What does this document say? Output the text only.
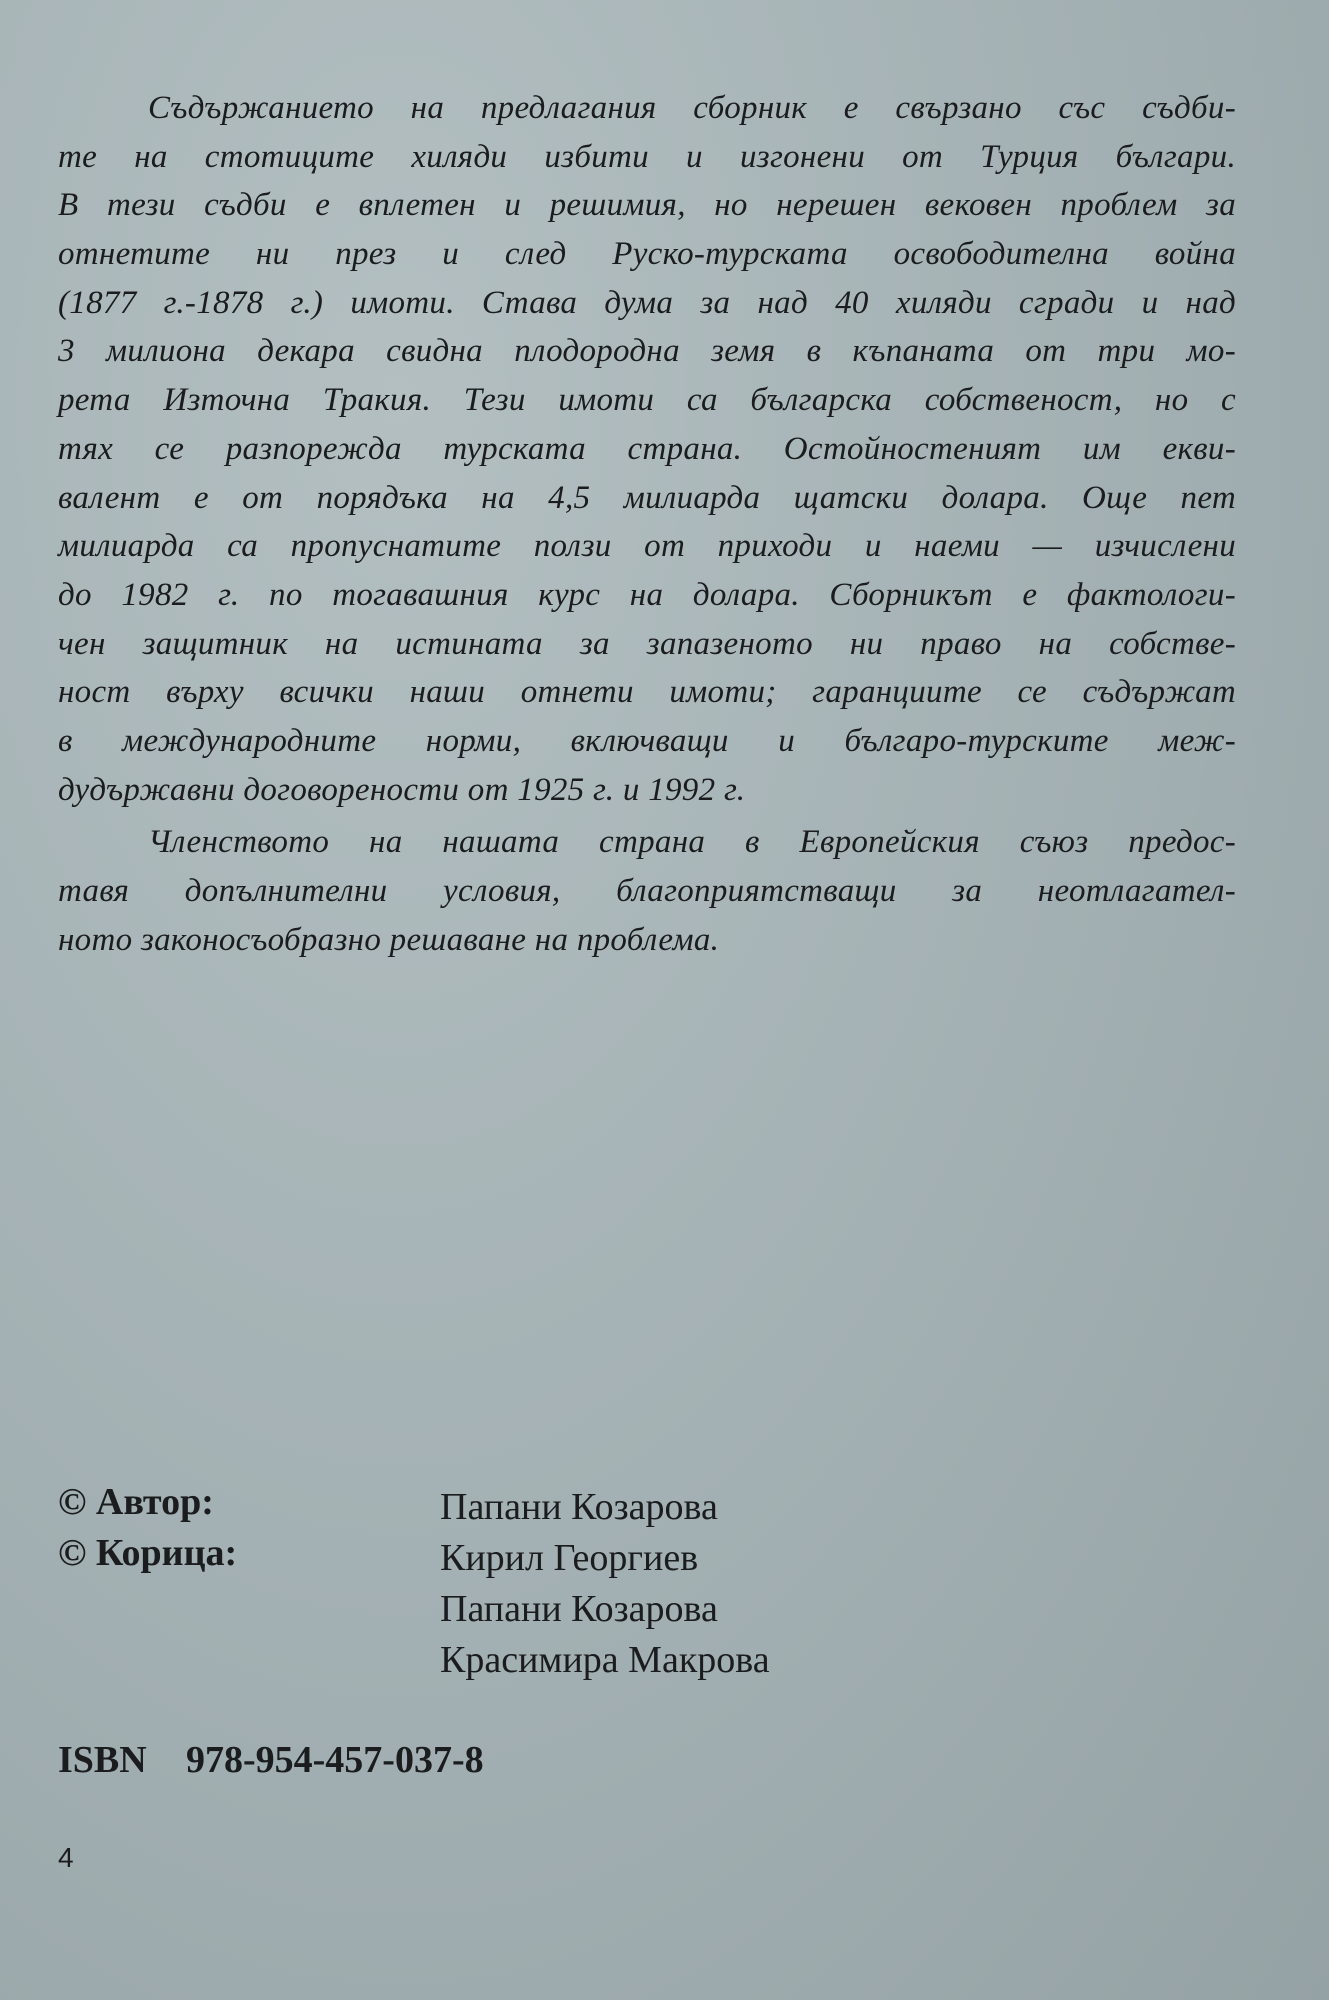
Съдържанието на предлагания сборник е свързано със съдби-
те на стотиците хиляди избити и изгонени от Турция българи.
В тези съдби е вплетен и решимия, но нерешен вековен проблем за
отнетите ни през и след Руско-турската освободителна война
(1877 г.-1878 г.) имоти. Става дума за над 40 хиляди сгради и над
3 милиона декара свидна плодородна земя в къпаната от три мо-
рета Източна Тракия. Тези имоти са българска собственост, но с
тях се разпорежда турската страна. Остойностеният им екви-
валент е от порядъка на 4,5 милиарда щатски долара. Още пет
милиарда са пропуснатите ползи от приходи и наеми — изчислени
до 1982 г. по тогавашния курс на долара. Сборникът е фактологи-
чен защитник на истината за запазеното ни право на собстве-
ност върху всички наши отнети имоти; гаранциите се съдържат
в международните норми, включващи и българо-турските меж-
дудържавни договорености от 1925 г. и 1992 г.
Членството на нашата страна в Европейския съюз предос-
тавя допълнителни условия, благоприятстващи за неотлагател-
ното законосъобразно решаване на проблема.
© Автор:	Папани Козарова
© Корица:	Кирил Георгиев
Папани Козарова
Красимира Макрова
ISBN 978-954-457-037-8
4
